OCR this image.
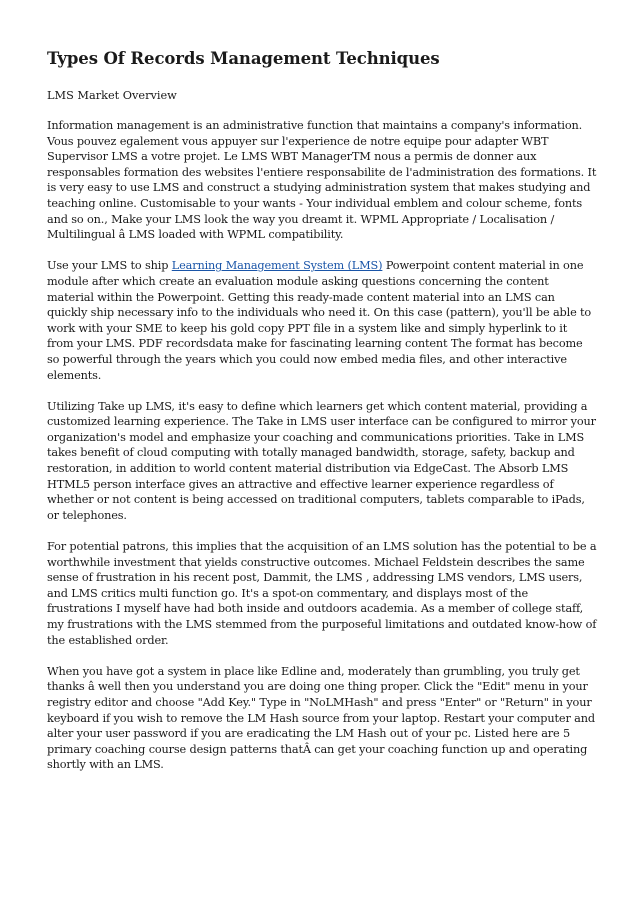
Types Of Records Management Techniques

LMS Market Overview

Information management is an administrative function that maintains a company's information. Vous pouvez egalement vous appuyer sur l'experience de notre equipe pour adapter WBT Supervisor LMS a votre projet. Le LMS WBT ManagerTM nous a permis de donner aux responsables formation des websites l'entiere responsabilite de l'administration des formations. It is very easy to use LMS and construct a studying administration system that makes studying and teaching online. Customisable to your wants - Your individual emblem and colour scheme, fonts and so on., Make your LMS look the way you dreamt it. WPML Appropriate / Localisation / Multilingual â LMS loaded with WPML compatibility.

Use your LMS to ship Learning Management System (LMS) Powerpoint content material in one module after which create an evaluation module asking questions concerning the content material within the Powerpoint. Getting this ready-made content material into an LMS can quickly ship necessary info to the individuals who need it. On this case (pattern), you'll be able to work with your SME to keep his gold copy PPT file in a system like and simply hyperlink to it from your LMS. PDF recordsdata make for fascinating learning content The format has become so powerful through the years which you could now embed media files, and other interactive elements.

Utilizing Take up LMS, it's easy to define which learners get which content material, providing a customized learning experience. The Take in LMS user interface can be configured to mirror your organization's model and emphasize your coaching and communications priorities. Take in LMS takes benefit of cloud computing with totally managed bandwidth, storage, safety, backup and restoration, in addition to world content material distribution via EdgeCast. The Absorb LMS HTML5 person interface gives an attractive and effective learner experience regardless of whether or not content is being accessed on traditional computers, tablets comparable to iPads, or telephones.

For potential patrons, this implies that the acquisition of an LMS solution has the potential to be a worthwhile investment that yields constructive outcomes. Michael Feldstein describes the same sense of frustration in his recent post, Dammit, the LMS , addressing LMS vendors, LMS users, and LMS critics multi function go. It's a spot-on commentary, and displays most of the frustrations I myself have had both inside and outdoors academia. As a member of college staff, my frustrations with the LMS stemmed from the purposeful limitations and outdated know-how of the established order.

When you have got a system in place like Edline and, moderately than grumbling, you truly get thanks â well then you understand you are doing one thing proper. Click the "Edit" menu in your registry editor and choose "Add Key." Type in "NoLMHash" and press "Enter" or "Return" in your keyboard if you wish to remove the LM Hash source from your laptop. Restart your computer and alter your user password if you are eradicating the LM Hash out of your pc. Listed here are 5 primary coaching course design patterns thatÂ can get your coaching function up and operating shortly with an LMS.
